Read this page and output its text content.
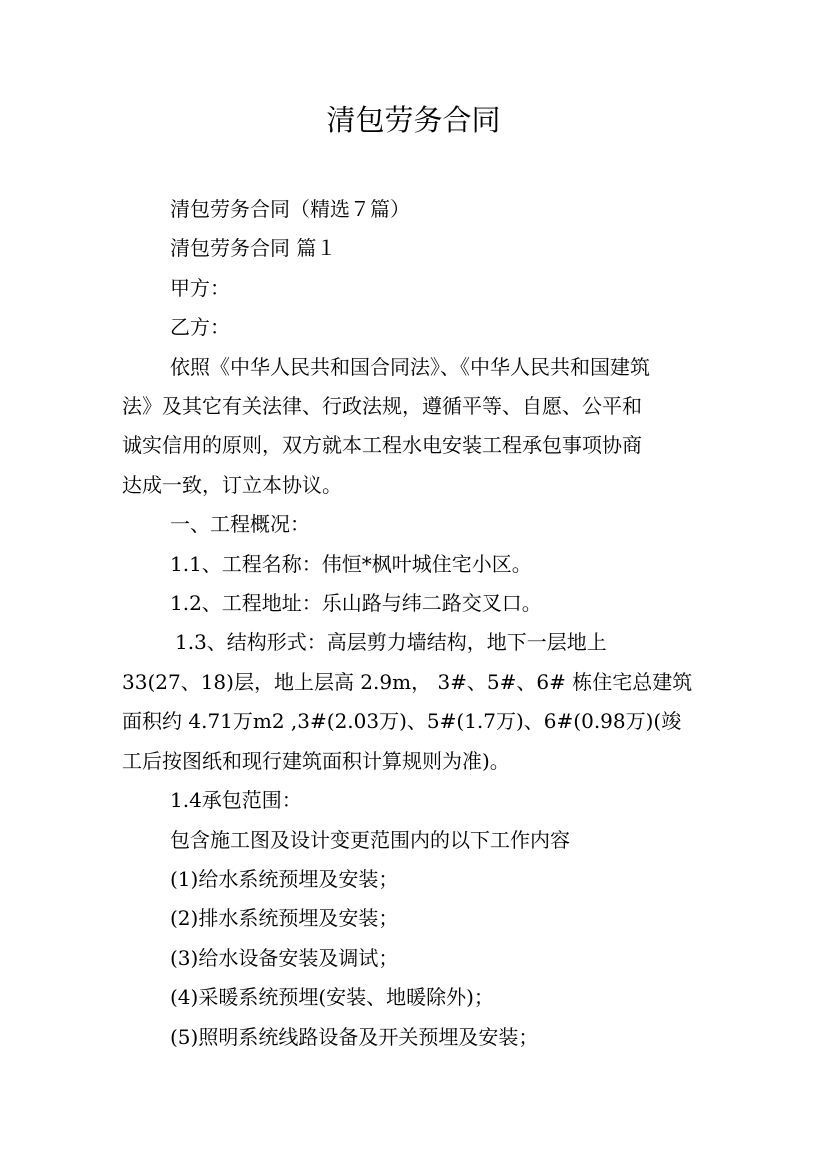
清包劳务合同

清包劳务合同（精选７篇）

清包劳务合同 篇１

甲方：

乙方：

依照《中华人民共和国合同法》、《中华人民共和国建筑

法》及其它有关法律、行政法规，遵循平等、自愿、公平和

诚实信用的原则，双方就本工程水电安装工程承包事项协商

达成一致，订立本协议。

一、工程概况：

1.1、工程名称：伟恒*枫叶城住宅小区。

1.2、工程地址：乐山路与纬二路交叉口。

1.3、结构形式：高层剪力墙结构，地下一层地上

33(27、18)层，地上层高 2.9m， 3#、5#、6# 栋住宅总建筑

面积约 4.71万m2 ,3#(2.03万)、5#(1.7万)、6#(0.98万)(竣

工后按图纸和现行建筑面积计算规则为准)。

1.4承包范围：

包含施工图及设计变更范围内的以下工作内容

(1)给水系统预埋及安装；

(2)排水系统预埋及安装；

(3)给水设备安装及调试；

(4)采暖系统预埋(安装、地暖除外)；

(5)照明系统线路设备及开关预埋及安装；
